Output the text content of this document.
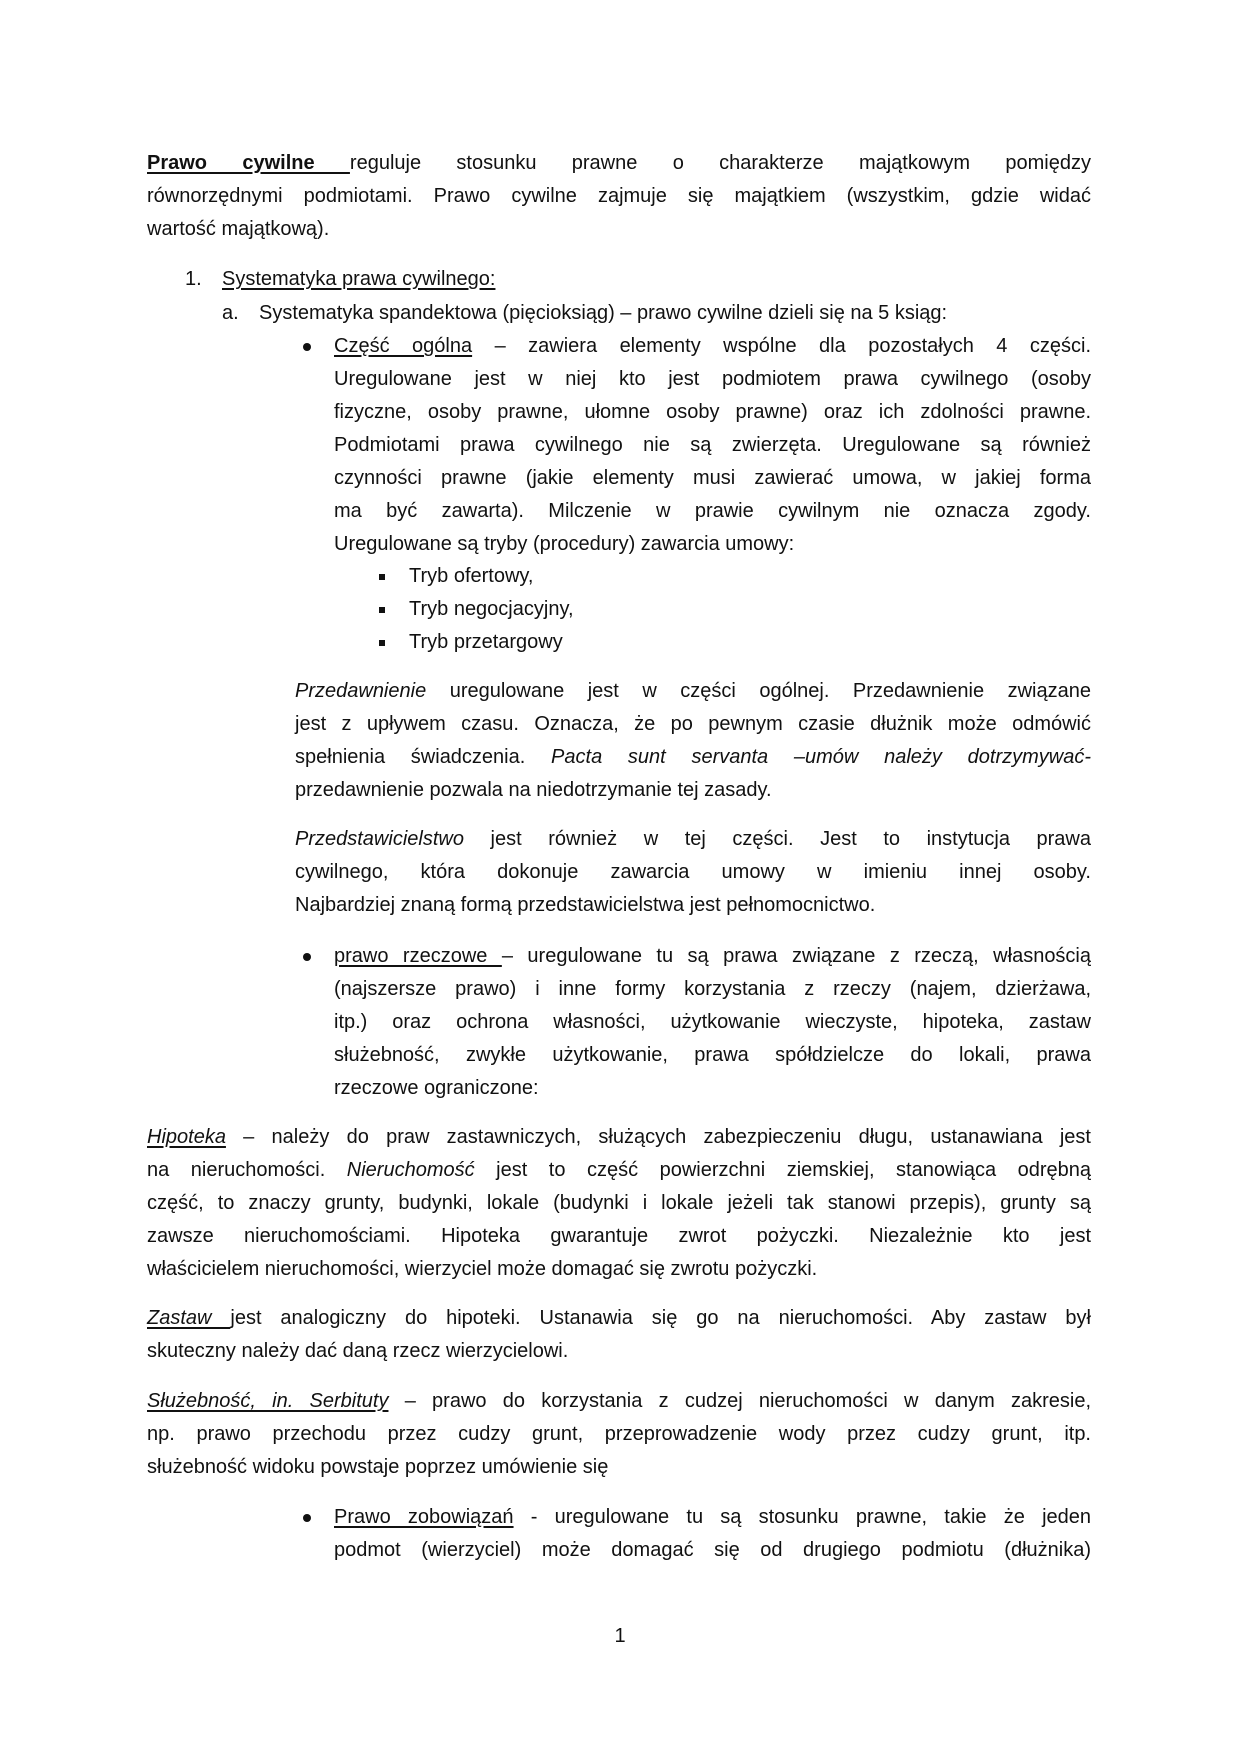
Prawo cywilne reguluje stosunku prawne o charakterze majątkowym pomiędzy
równorzędnymi podmiotami. Prawo cywilne zajmuje się majątkiem (wszystkim, gdzie widać
wartość majątkową).
1. Systematyka prawa cywilnego:
a. Systematyka spandektowa (pięcioksiąg) – prawo cywilne dzieli się na 5 ksiąg:
Część ogólna – zawiera elementy wspólne dla pozostałych 4 części.
Uregulowane jest w niej kto jest podmiotem prawa cywilnego (osoby
fizyczne, osoby prawne, ułomne osoby prawne) oraz ich zdolności prawne.
Podmiotami prawa cywilnego nie są zwierzęta. Uregulowane są również
czynności prawne (jakie elementy musi zawierać umowa, w jakiej forma
ma być zawarta). Milczenie w prawie cywilnym nie oznacza zgody.
Uregulowane są tryby (procedury) zawarcia umowy:
Tryb ofertowy,
Tryb negocjacyjny,
Tryb przetargowy
Przedawnienie uregulowane jest w części ogólnej. Przedawnienie związane
jest z upływem czasu. Oznacza, że po pewnym czasie dłużnik może odmówić
spełnienia świadczenia. Pacta sunt servanta –umów należy dotrzymywać-
przedawnienie pozwala na niedotrzymanie tej zasady.
Przedstawicielstwo jest również w tej części. Jest to instytucja prawa
cywilnego, która dokonuje zawarcia umowy w imieniu innej osoby.
Najbardziej znaną formą przedstawicielstwa jest pełnomocnictwo.
prawo rzeczowe – uregulowane tu są prawa związane z rzeczą, własnością
(najszersze prawo) i inne formy korzystania z rzeczy (najem, dzierżawa,
itp.) oraz ochrona własności, użytkowanie wieczyste, hipoteka, zastaw
służebność, zwykłe użytkowanie, prawa spółdzielcze do lokali, prawa
rzeczowe ograniczone:
Hipoteka – należy do praw zastawniczych, służących zabezpieczeniu długu, ustanawiana jest
na nieruchomości. Nieruchomość jest to część powierzchni ziemskiej, stanowiąca odrębną
część, to znaczy grunty, budynki, lokale (budynki i lokale jeżeli tak stanowi przepis), grunty są
zawsze nieruchomościami. Hipoteka gwarantuje zwrot pożyczki. Niezależnie kto jest
właścicielem nieruchomości, wierzyciel może domagać się zwrotu pożyczki.
Zastaw jest analogiczny do hipoteki. Ustanawia się go na nieruchomości. Aby zastaw był
skuteczny należy dać daną rzecz wierzycielowi.
Służebność, in. Serbituty – prawo do korzystania z cudzej nieruchomości w danym zakresie,
np. prawo przechodu przez cudzy grunt, przeprowadzenie wody przez cudzy grunt, itp.
służebność widoku powstaje poprzez umówienie się
Prawo zobowiązań - uregulowane tu są stosunku prawne, takie że jeden
podmot (wierzyciel) może domagać się od drugiego podmiotu (dłużnika)
1
